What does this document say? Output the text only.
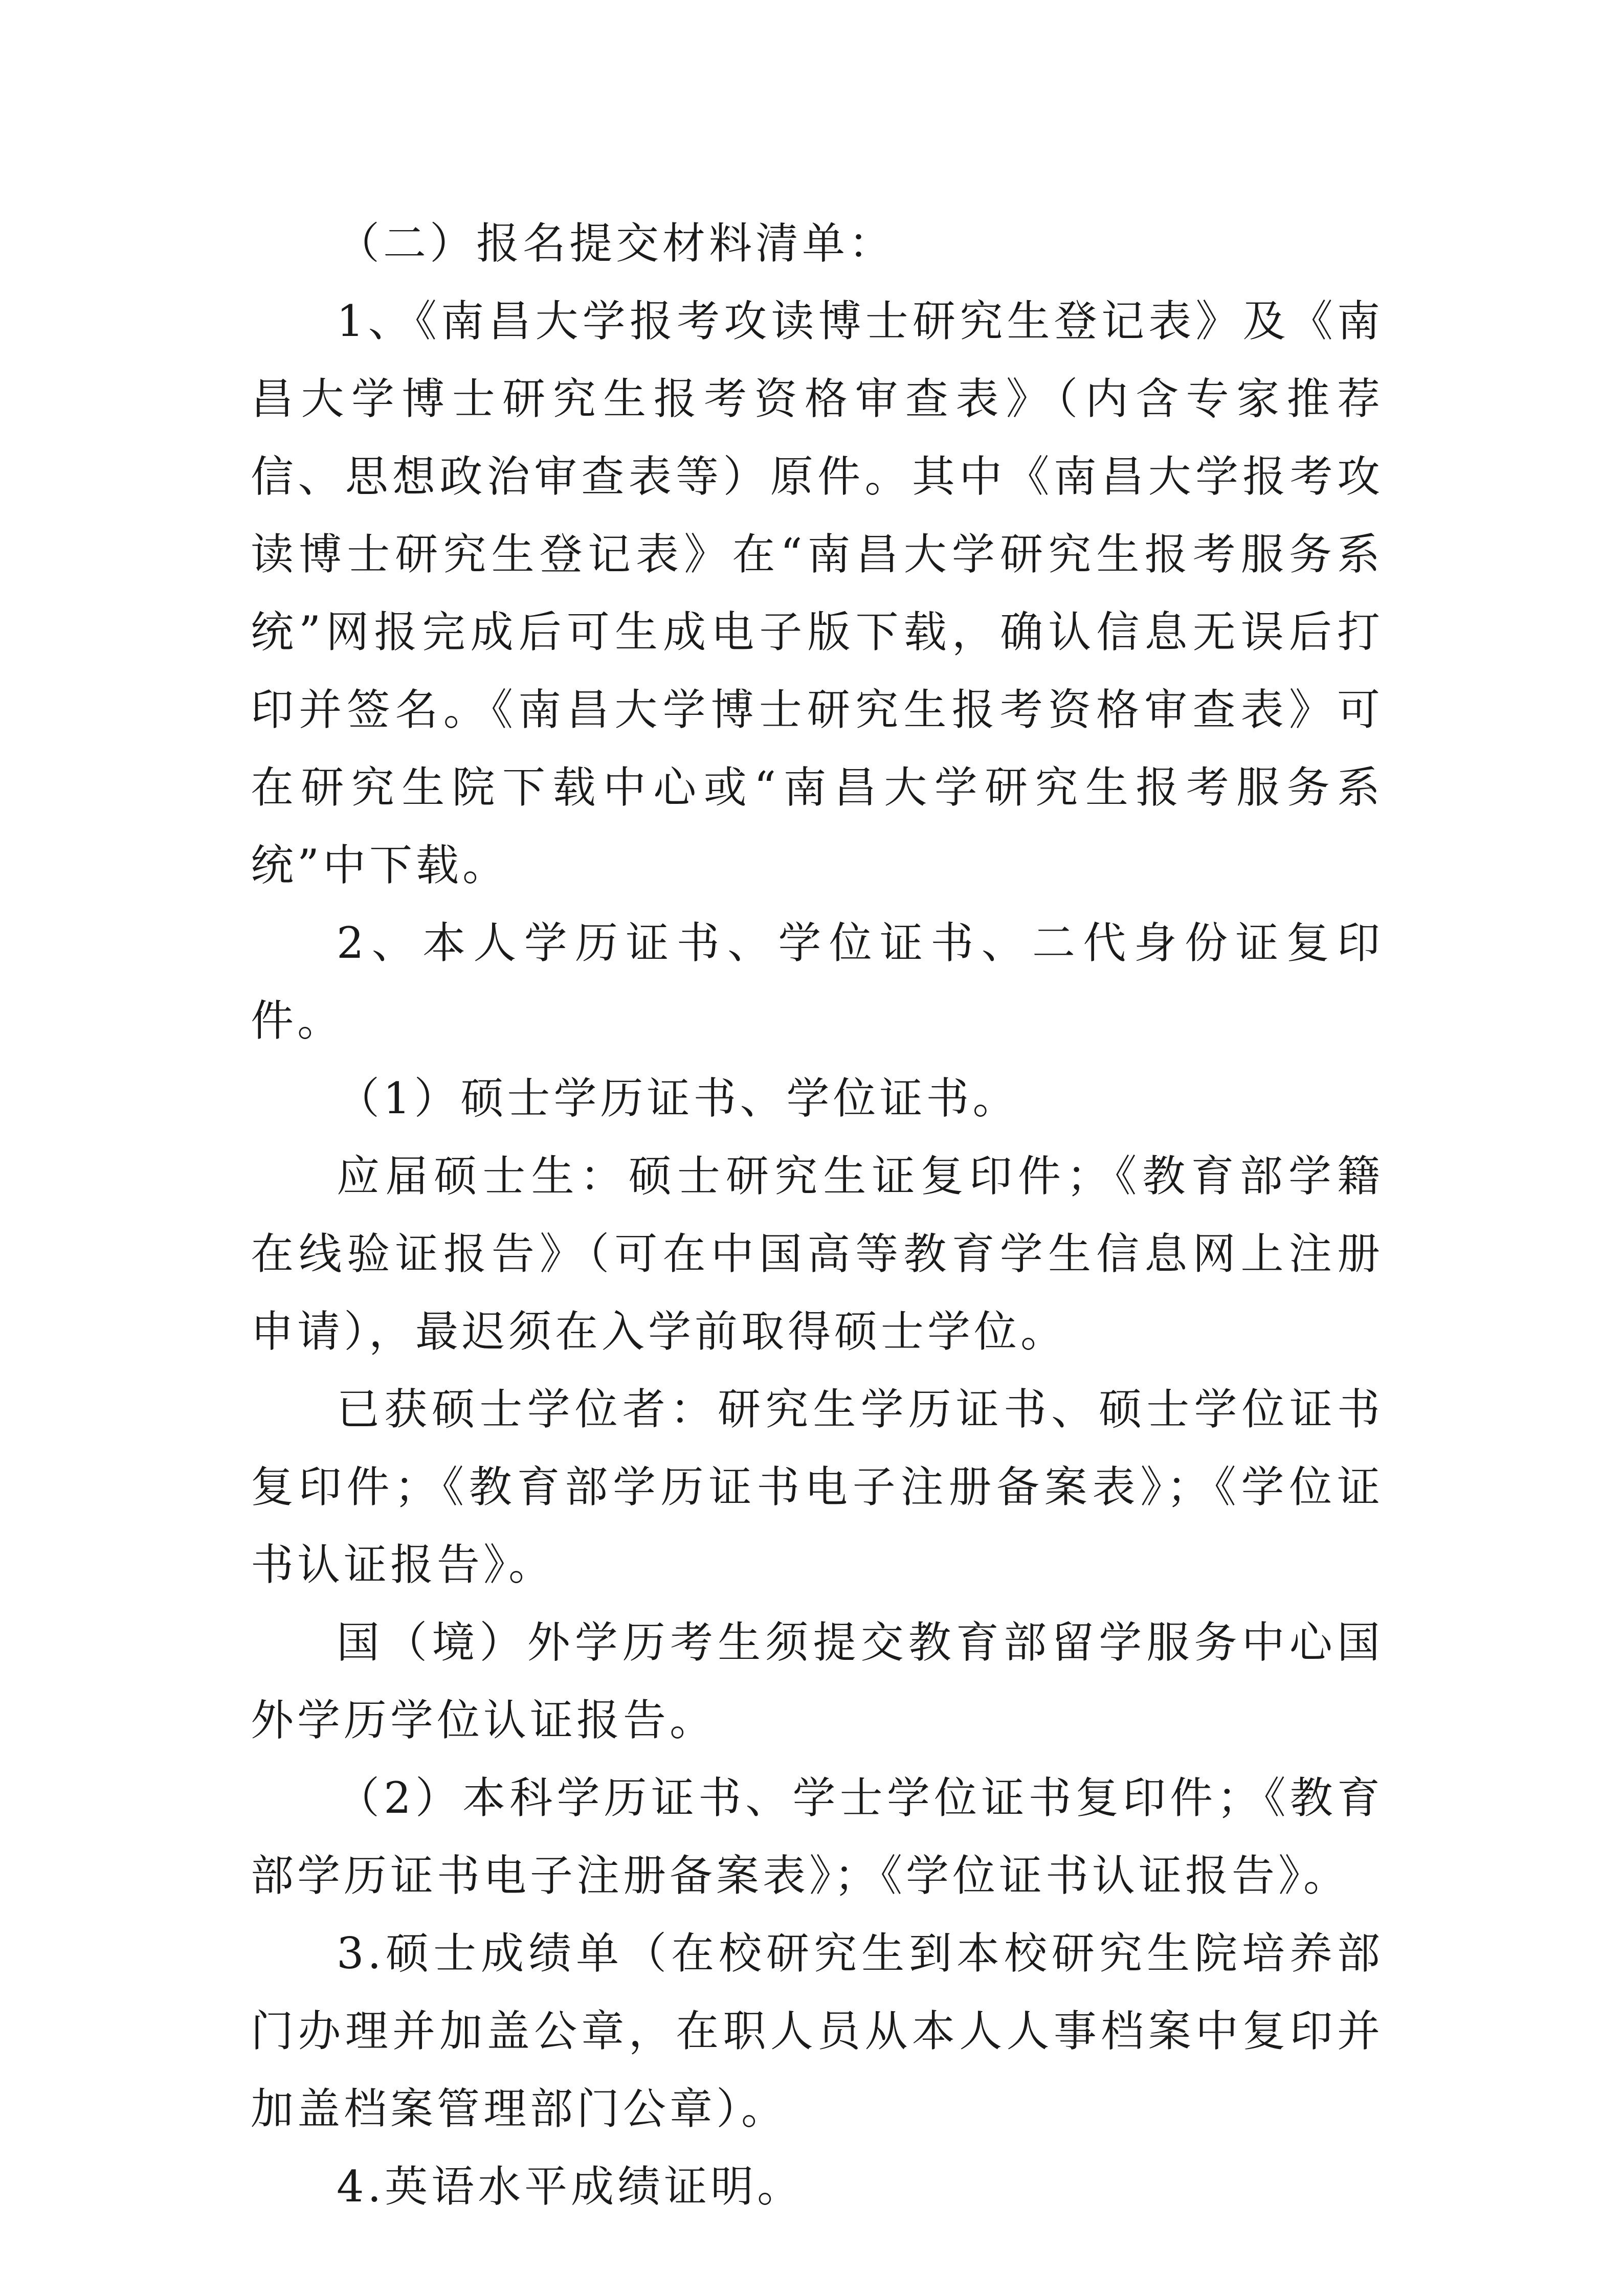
（二）报名提交材料清单：

1、《南昌大学报考攻读博士研究生登记表》及《南昌大学博士研究生报考资格审查表》（内含专家推荐信、思想政治审查表等）原件。其中《南昌大学报考攻读博士研究生登记表》在“南昌大学研究生报考服务系统”网报完成后可生成电子版下载，确认信息无误后打印并签名。《南昌大学博士研究生报考资格审查表》可在研究生院下载中心或“南昌大学研究生报考服务系统”中下载。

2、本人学历证书、学位证书、二代身份证复印件。

（1）硕士学历证书、学位证书。

应届硕士生：硕士研究生证复印件；《教育部学籍在线验证报告》（可在中国高等教育学生信息网上注册申请），最迟须在入学前取得硕士学位。

已获硕士学位者：研究生学历证书、硕士学位证书复印件；《教育部学历证书电子注册备案表》；《学位证书认证报告》。

国（境）外学历考生须提交教育部留学服务中心国外学历学位认证报告。

（2）本科学历证书、学士学位证书复印件；《教育部学历证书电子注册备案表》；《学位证书认证报告》。

3.硕士成绩单（在校研究生到本校研究生院培养部门办理并加盖公章，在职人员从本人人事档案中复印并加盖档案管理部门公章）。

4.英语水平成绩证明。
